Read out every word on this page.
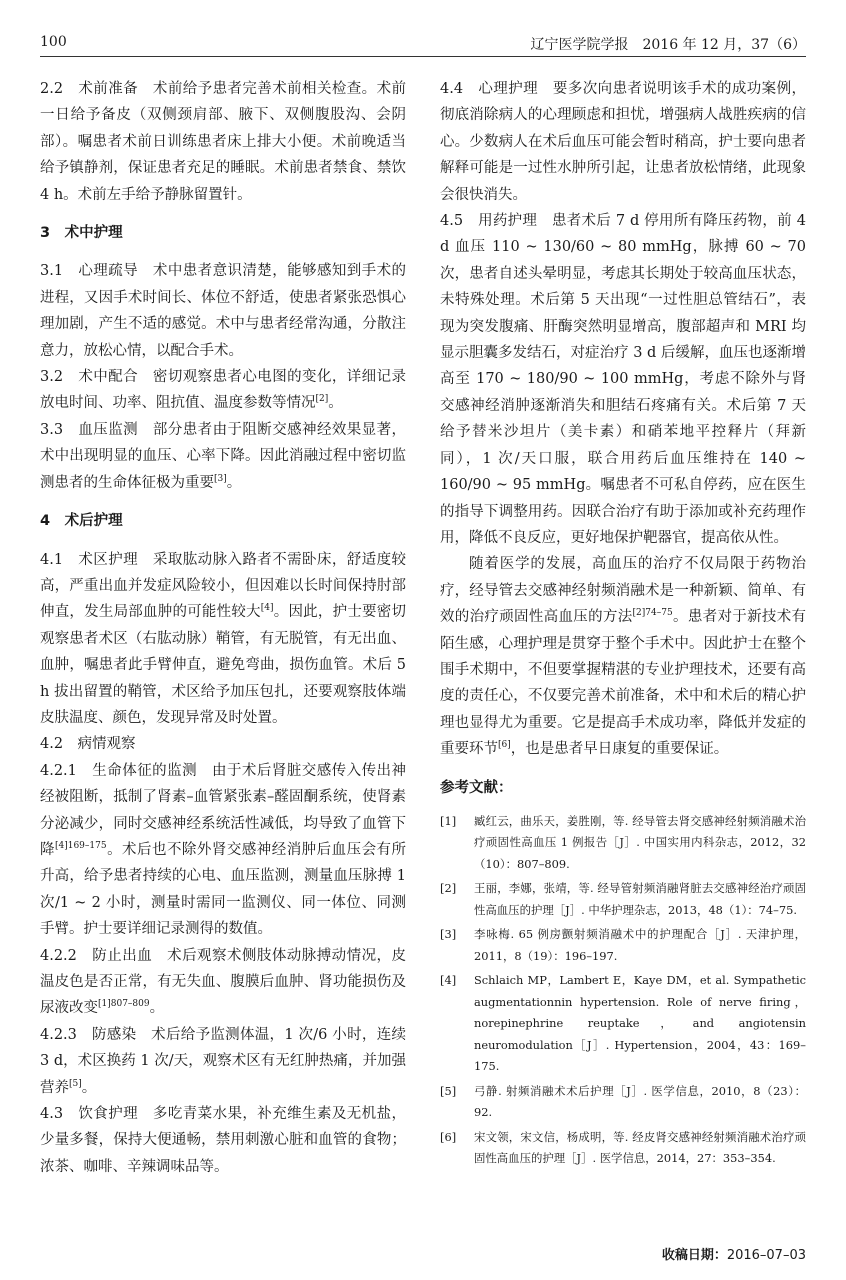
100	辽宁医学院学报　2016 年 12 月，37（6）

2.2　术前准备　术前给予患者完善术前相关检查。术前一日给予备皮（双侧颈肩部、腋下、双侧腹股沟、会阴部）。嘱患者术前日训练患者床上排大小便。术前晚适当给予镇静剂，保证患者充足的睡眠。术前患者禁食、禁饮 4 h。术前左手给予静脉留置针。

3　术中护理

3.1　心理疏导　术中患者意识清楚，能够感知到手术的进程，又因手术时间长、体位不舒适，使患者紧张恐惧心理加剧，产生不适的感觉。术中与患者经常沟通，分散注意力，放松心情，以配合手术。

3.2　术中配合　密切观察患者心电图的变化，详细记录放电时间、功率、阻抗值、温度参数等情况[2]。

3.3　血压监测　部分患者由于阻断交感神经效果显著，术中出现明显的血压、心率下降。因此消融过程中密切监测患者的生命体征极为重要[3]。

4　术后护理

4.1　术区护理　采取肱动脉入路者不需卧床，舒适度较高，严重出血并发症风险较小，但因难以长时间保持肘部伸直，发生局部血肿的可能性较大[4]。因此，护士要密切观察患者术区（右肱动脉）鞘管，有无脱管，有无出血、血肿，嘱患者此手臂伸直，避免弯曲，损伤血管。术后 5 h 拔出留置的鞘管，术区给予加压包扎，还要观察肢体端皮肤温度、颜色，发现异常及时处置。

4.2　病情观察

4.2.1　生命体征的监测　由于术后肾脏交感传入传出神经被阻断，抵制了肾素–血管紧张素–醛固酮系统，使肾素分泌减少，同时交感神经系统活性减低，均导致了血管下降$^{[4]169-175}$。术后也不除外肾交感神经消肿后血压会有所升高，给予患者持续的心电、血压监测，测量血压脉搏 1 次/1 ~ 2 小时，测量时需同一监测仪、同一体位、同测手臂。护士要详细记录测得的数值。

4.2.2　防止出血　术后观察术侧肢体动脉搏动情况，皮温皮色是否正常，有无失血、腹膜后血肿、肾功能损伤及尿液改变$^{[1]807-809}$。

4.2.3　防感染　术后给予监测体温，1 次/6 小时，连续 3 d，术区换药 1 次/天，观察术区有无红肿热痛，并加强营养[5]。

4.3　饮食护理　多吃青菜水果，补充维生素及无机盐，少量多餐，保持大便通畅，禁用刺激心脏和血管的食物；浓茶、咖啡、辛辣调味品等。

4.4　心理护理　要多次向患者说明该手术的成功案例，彻底消除病人的心理顾虑和担忧，增强病人战胜疾病的信心。少数病人在术后血压可能会暂时稍高，护士要向患者解释可能是一过性水肿所引起，让患者放松情绪，此现象会很快消失。

4.5　用药护理　患者术后 7 d 停用所有降压药物，前 4 d 血压 110 ~ 130/60 ~ 80 mmHg，脉搏 60 ~ 70 次，患者自述头晕明显，考虑其长期处于较高血压状态，未特殊处理。术后第 5 天出现“一过性胆总管结石”，表现为突发腹痛、肝酶突然明显增高，腹部超声和 MRI 均显示胆囊多发结石，对症治疗 3 d 后缓解，血压也逐渐增高至 170 ~ 180/90 ~ 100 mmHg，考虑不除外与肾交感神经消肿逐渐消失和胆结石疼痛有关。术后第 7 天给予替米沙坦片（美卡素）和硝苯地平控释片（拜新同），1 次/天口服，联合用药后血压维持在 140 ~ 160/90 ~ 95 mmHg。嘱患者不可私自停药，应在医生的指导下调整用药。因联合治疗有助于添加或补充药理作用，降低不良反应，更好地保护靶器官，提高依从性。

随着医学的发展，高血压的治疗不仅局限于药物治疗，经导管去交感神经射频消融术是一种新颖、简单、有效的治疗顽固性高血压的方法$^{[2]74-75}$。患者对于新技术有陌生感，心理护理是贯穿于整个手术中。因此护士在整个围手术期中，不但要掌握精湛的专业护理技术，还要有高度的责任心，不仅要完善术前准备，术中和术后的精心护理也显得尤为重要。它是提高手术成功率，降低并发症的重要环节[6]，也是患者早日康复的重要保证。

参考文献：

[1]	臧红云，曲乐天，姜胜刚，等. 经导管去肾交感神经射频消融术治疗顽固性高血压 1 例报告［J］. 中国实用内科杂志，2012，32（10）：807–809.
[2]	王丽，李娜，张靖，等. 经导管射频消融肾脏去交感神经治疗顽固性高血压的护理［J］. 中华护理杂志，2013，48（1）：74–75.
[3]	李咏梅. 65 例房颤射频消融术中的护理配合［J］. 天津护理，2011，8（19）：196–197.
[4]	Schlaich MP，Lambert E，Kaye DM，et al. Sympathetic augmentationnin hypertension. Role of nerve firing，norepinephrine reuptake，and angiotensin neuromodulation［J］. Hypertension，2004，43：169–175.
[5]	弓静. 射频消融术术后护理［J］. 医学信息，2010，8（23）：92.
[6]	宋文领，宋文信，杨成明，等. 经皮肾交感神经射频消融术治疗顽固性高血压的护理［J］. 医学信息，2014，27：353–354.
收稿日期：2016–07–03
